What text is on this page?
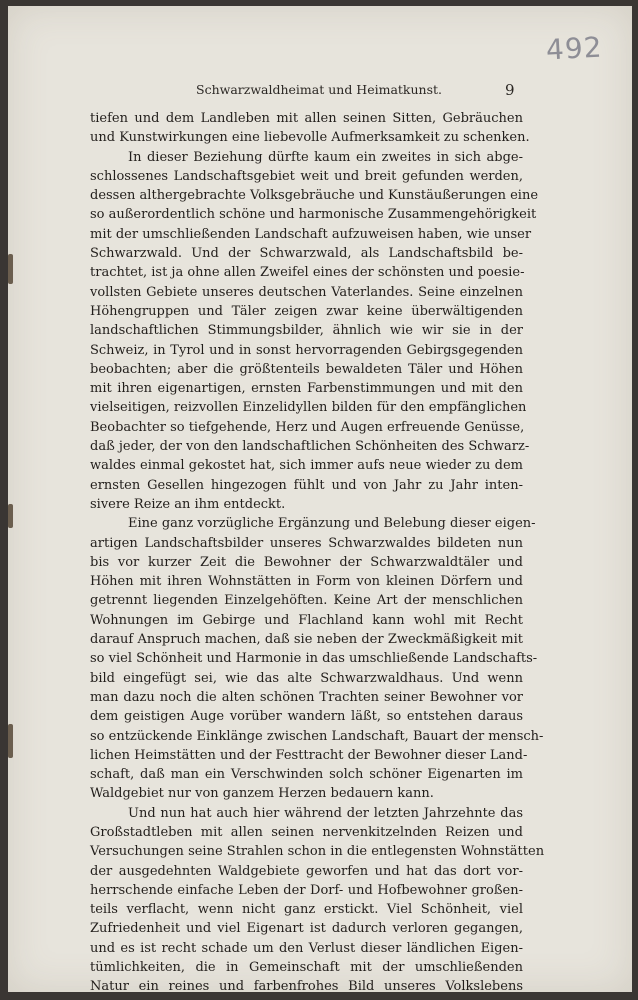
492
Schwarzwaldheimat und Heimatkunst.	9
tiefen und dem Landleben mit allen seinen Sitten, Gebräuchen
und Kunstwirkungen eine liebevolle Aufmerksamkeit zu schenken.
In dieser Beziehung dürfte kaum ein zweites in sich abge-
schlossenes Landschaftsgebiet weit und breit gefunden werden,
dessen althergebrachte Volksgebräuche und Kunstäußerungen eine
so außerordentlich schöne und harmonische Zusammengehörigkeit
mit der umschließenden Landschaft aufzuweisen haben, wie unser
Schwarzwald. Und der Schwarzwald, als Landschaftsbild be-
trachtet, ist ja ohne allen Zweifel eines der schönsten und poesie-
vollsten Gebiete unseres deutschen Vaterlandes. Seine einzelnen
Höhengruppen und Täler zeigen zwar keine überwältigenden
landschaftlichen Stimmungsbilder, ähnlich wie wir sie in der
Schweiz, in Tyrol und in sonst hervorragenden Gebirgsgegenden
beobachten; aber die größtenteils bewaldeten Täler und Höhen
mit ihren eigenartigen, ernsten Farbenstimmungen und mit den
vielseitigen, reizvollen Einzelidyllen bilden für den empfänglichen
Beobachter so tiefgehende, Herz und Augen erfreuende Genüsse,
daß jeder, der von den landschaftlichen Schönheiten des Schwarz-
waldes einmal gekostet hat, sich immer aufs neue wieder zu dem
ernsten Gesellen hingezogen fühlt und von Jahr zu Jahr inten-
sivere Reize an ihm entdeckt.
Eine ganz vorzügliche Ergänzung und Belebung dieser eigen-
artigen Landschaftsbilder unseres Schwarzwaldes bildeten nun
bis vor kurzer Zeit die Bewohner der Schwarzwaldtäler und
Höhen mit ihren Wohnstätten in Form von kleinen Dörfern und
getrennt liegenden Einzelgehöften. Keine Art der menschlichen
Wohnungen im Gebirge und Flachland kann wohl mit Recht
darauf Anspruch machen, daß sie neben der Zweckmäßigkeit mit
so viel Schönheit und Harmonie in das umschließende Landschafts-
bild eingefügt sei, wie das alte Schwarzwaldhaus. Und wenn
man dazu noch die alten schönen Trachten seiner Bewohner vor
dem geistigen Auge vorüber wandern läßt, so entstehen daraus
so entzückende Einklänge zwischen Landschaft, Bauart der mensch-
lichen Heimstätten und der Festtracht der Bewohner dieser Land-
schaft, daß man ein Verschwinden solch schöner Eigenarten im
Waldgebiet nur von ganzem Herzen bedauern kann.
Und nun hat auch hier während der letzten Jahrzehnte das
Großstadtleben mit allen seinen nervenkitzelnden Reizen und
Versuchungen seine Strahlen schon in die entlegensten Wohnstätten
der ausgedehnten Waldgebiete geworfen und hat das dort vor-
herrschende einfache Leben der Dorf- und Hofbewohner großen-
teils verflacht, wenn nicht ganz erstickt. Viel Schönheit, viel
Zufriedenheit und viel Eigenart ist dadurch verloren gegangen,
und es ist recht schade um den Verlust dieser ländlichen Eigen-
tümlichkeiten, die in Gemeinschaft mit der umschließenden
Natur ein reines und farbenfrohes Bild unseres Volkslebens
